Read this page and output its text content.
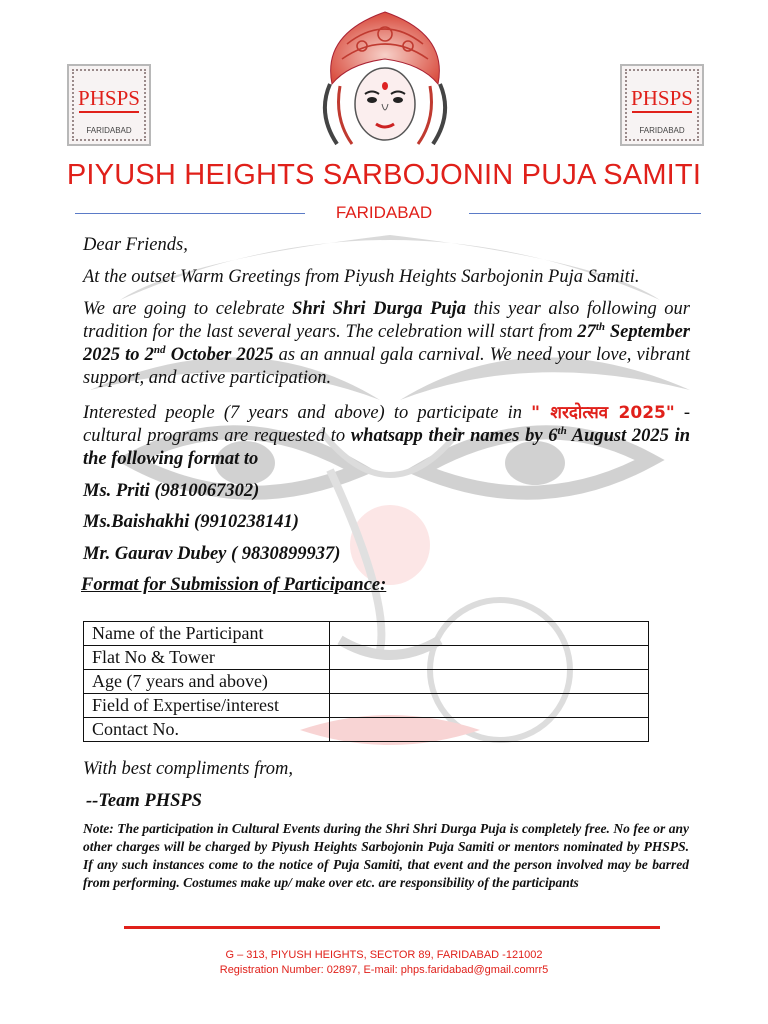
PHSPS
FARIDABAD
PHSPS
FARIDABAD
PIYUSH HEIGHTS SARBOJONIN PUJA SAMITI
FARIDABAD
Dear Friends,
At the outset Warm Greetings from Piyush Heights Sarbojonin Puja Samiti.

We are going to celebrate Shri Shri Durga Puja this year also following our tradition for the last several years. The celebration will start from 27th September 2025 to 2nd October 2025 as an annual gala carnival. We need your love, vibrant support, and active participation.

Interested people (7 years and above) to participate in " शरदोत्सव 2025" -cultural programs are requested to whatsapp their names by 6th August 2025 in the following format to

Ms. Priti (9810067302)
Ms.Baishakhi (9910238141)
Mr. Gaurav Dubey ( 9830899937)
Format for Submission of Participance:
Name of the Participant	
Flat No & Tower	
Age (7 years and above)	
Field of Expertise/interest	
Contact No.	
With best compliments from,
--Team PHSPS

Note: The participation in Cultural Events during the Shri Shri Durga Puja is completely free. No fee or any other charges will be charged by Piyush Heights Sarbojonin Puja Samiti or mentors nominated by PHSPS. If any such instances come to the notice of Puja Samiti, that event and the person involved may be barred from performing. Costumes make up/ make over etc. are responsibility of the participants

G – 313, PIYUSH HEIGHTS, SECTOR 89, FARIDABAD -121002
Registration Number: 02897, E-mail: phps.faridabad@gmail.comrr5
